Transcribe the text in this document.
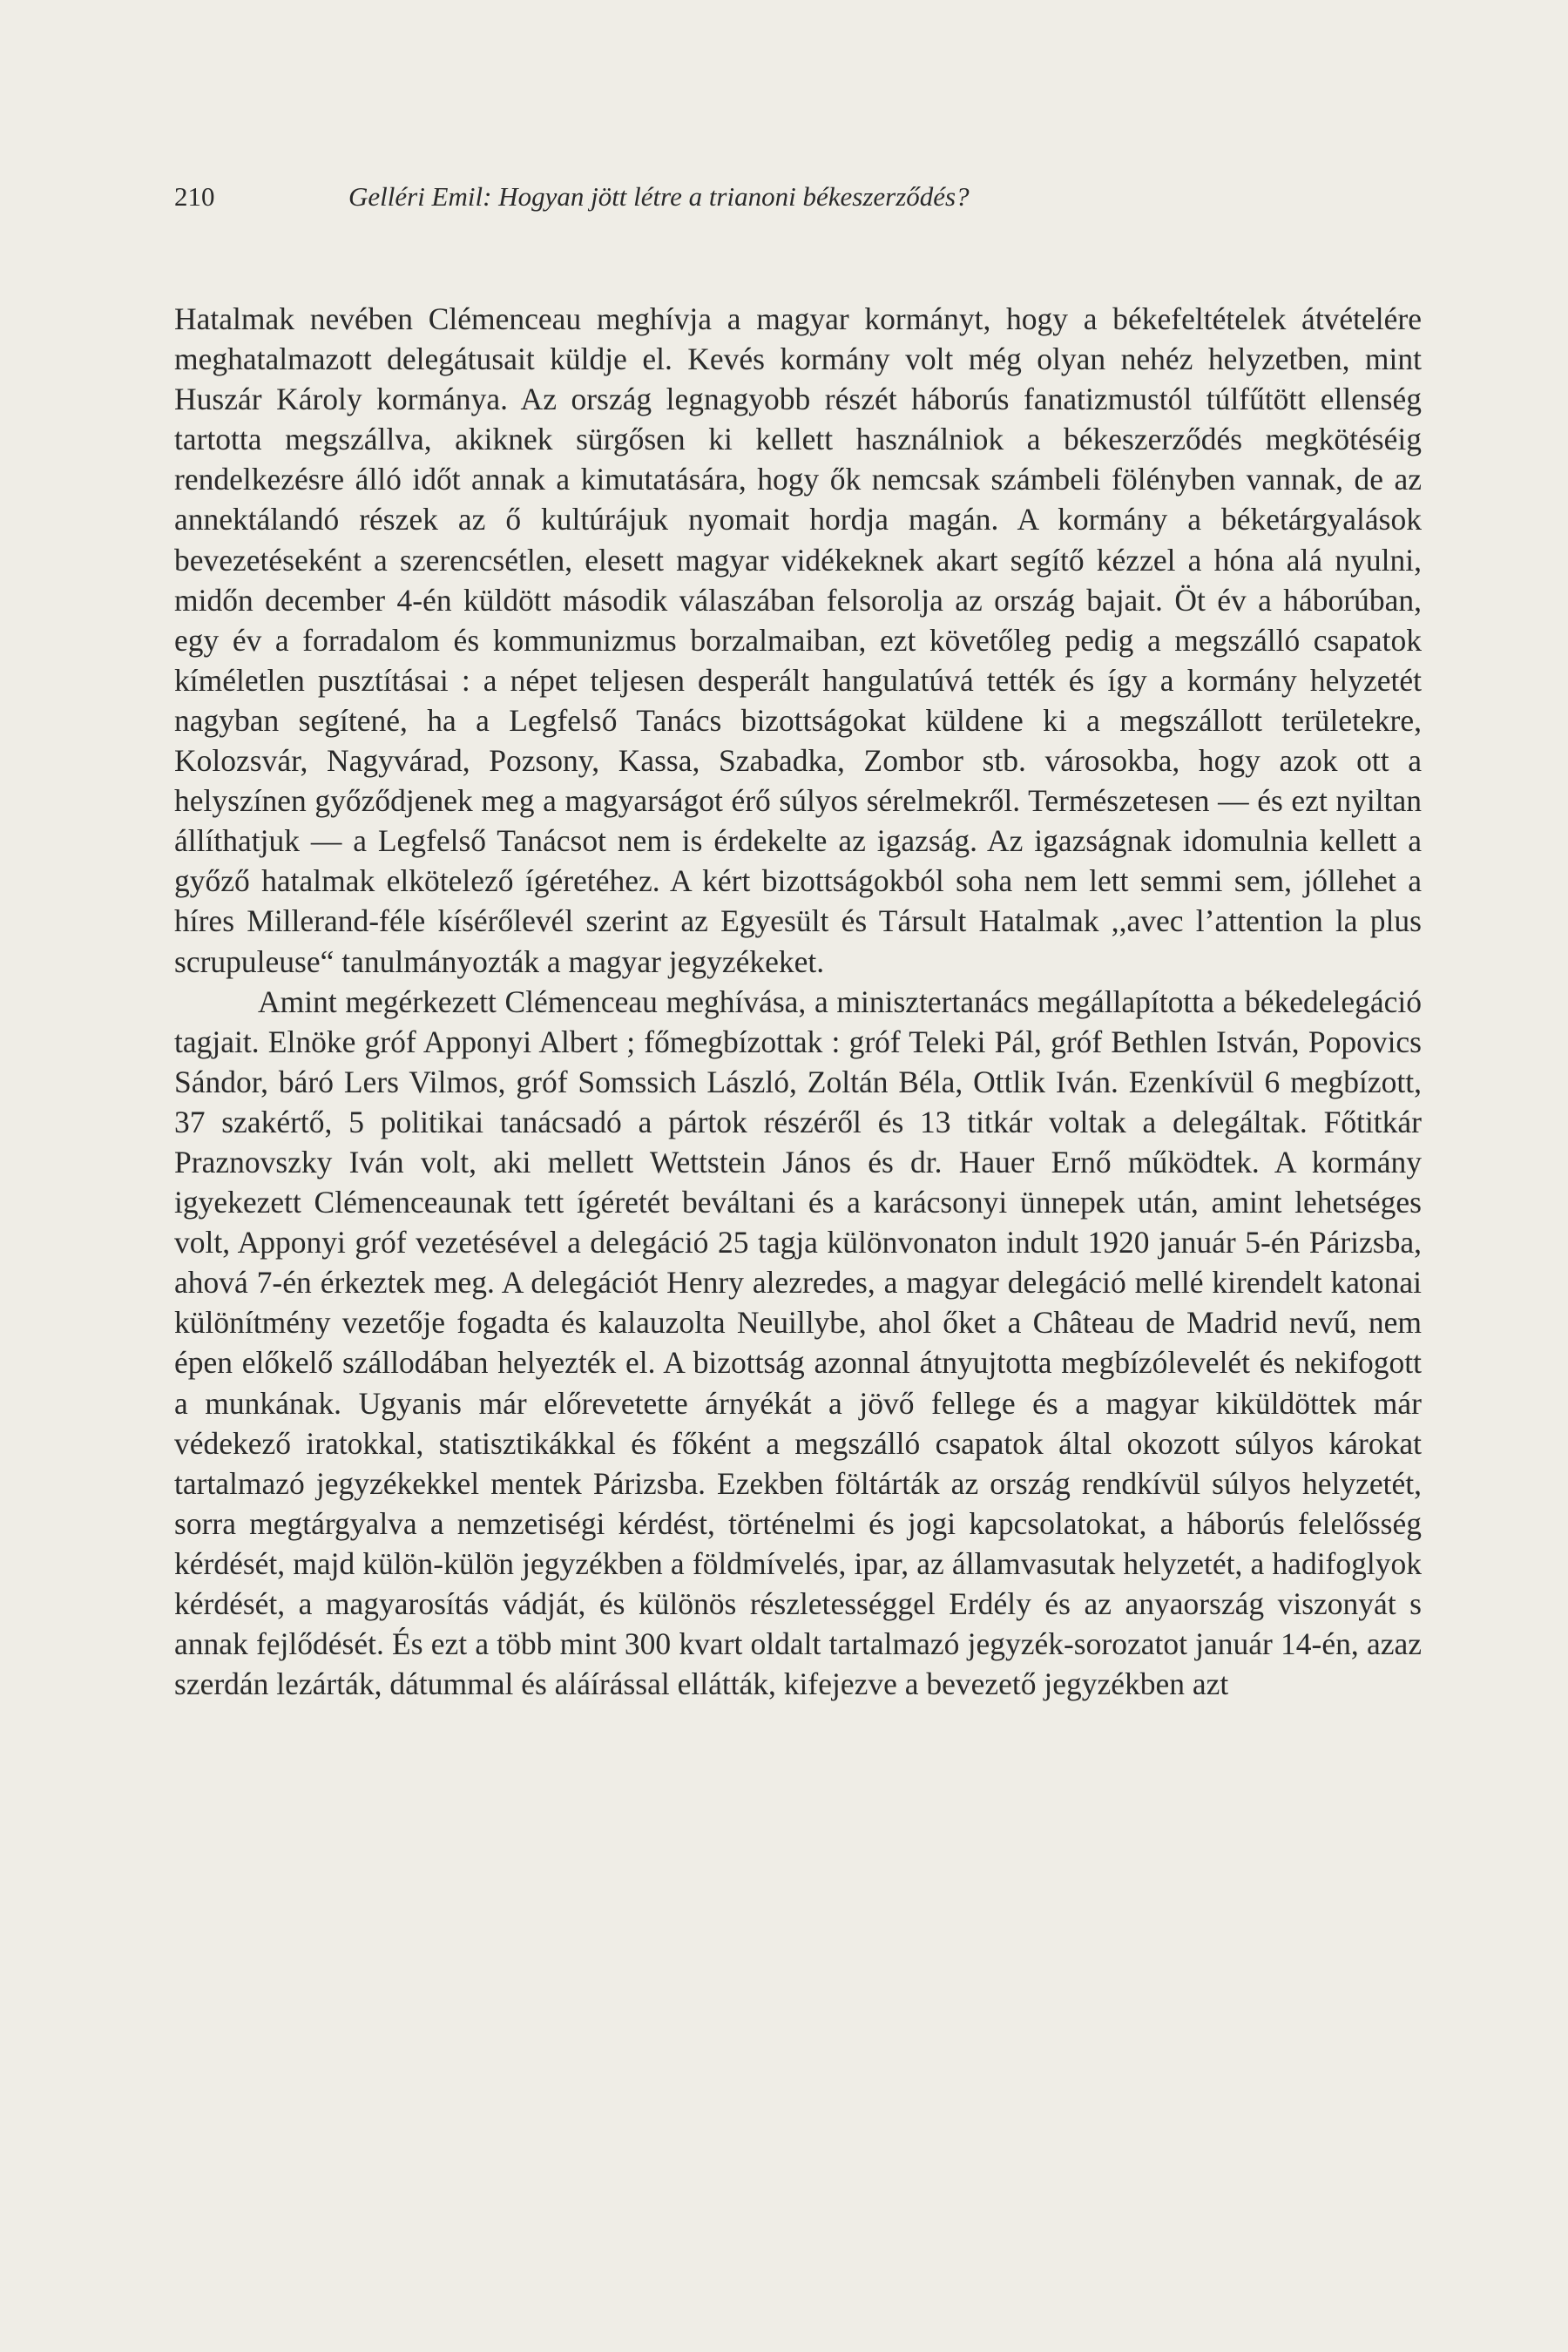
210	Gelléri Emil: Hogyan jött létre a trianoni békeszerződés?

Hatalmak nevében Clémenceau meghívja a magyar kormányt, hogy a békefeltételek átvételére meghatalmazott delegátusait küldje el. Kevés kormány volt még olyan nehéz helyzetben, mint Huszár Károly kormánya. Az ország legnagyobb részét háborús fanatizmustól túlfűtött ellenség tartotta megszállva, akiknek sürgősen ki kellett használniok a békeszerződés megkötéséig rendelkezésre álló időt annak a kimutatására, hogy ők nemcsak számbeli fölényben vannak, de az annektálandó részek az ő kultúrájuk nyomait hordja magán. A kormány a béketárgyalások bevezetéseként a szerencsétlen, elesett magyar vidékeknek akart segítő kézzel a hóna alá nyulni, midőn december 4-én küldött második válaszában felsorolja az ország bajait. Öt év a háborúban, egy év a forradalom és kommunizmus borzalmaiban, ezt követőleg pedig a megszálló csapatok kíméletlen pusztításai : a népet teljesen desperált hangulatúvá tették és így a kormány helyzetét nagyban segítené, ha a Legfelső Tanács bizottságokat küldene ki a megszállott területekre, Kolozsvár, Nagyvárad, Pozsony, Kassa, Szabadka, Zombor stb. városokba, hogy azok ott a helyszínen győződjenek meg a magyarságot érő súlyos sérelmekről. Természetesen — és ezt nyiltan állíthatjuk — a Legfelső Tanácsot nem is érdekelte az igazság. Az igazságnak idomulnia kellett a győző hatalmak elkötelező ígéretéhez. A kért bizottságokból soha nem lett semmi sem, jóllehet a híres Millerand-féle kísérőlevél szerint az Egyesült és Társult Hatalmak ,,avec l’attention la plus scrupuleuse“ tanulmányozták a magyar jegyzékeket.

Amint megérkezett Clémenceau meghívása, a minisztertanács megállapította a békedelegáció tagjait. Elnöke gróf Apponyi Albert ; főmegbízottak : gróf Teleki Pál, gróf Bethlen István, Popovics Sándor, báró Lers Vilmos, gróf Somssich László, Zoltán Béla, Ottlik Iván. Ezenkívül 6 megbízott, 37 szakértő, 5 politikai tanácsadó a pártok részéről és 13 titkár voltak a delegáltak. Főtitkár Praznovszky Iván volt, aki mellett Wettstein János és dr. Hauer Ernő működtek. A kormány igyekezett Clémenceaunak tett ígéretét beváltani és a karácsonyi ünnepek után, amint lehetséges volt, Apponyi gróf vezetésével a delegáció 25 tagja különvonaton indult 1920 január 5-én Párizsba, ahová 7-én érkeztek meg. A delegációt Henry alezredes, a magyar delegáció mellé kirendelt katonai különítmény vezetője fogadta és kalauzolta Neuillybe, ahol őket a Château de Madrid nevű, nem épen előkelő szállodában helyezték el. A bizottság azonnal átnyujtotta megbízólevelét és nekifogott a munkának. Ugyanis már előrevetette árnyékát a jövő fellege és a magyar kiküldöttek már védekező iratokkal, statisztikákkal és főként a megszálló csapatok által okozott súlyos károkat tartalmazó jegyzékekkel mentek Párizsba. Ezekben föltárták az ország rendkívül súlyos helyzetét, sorra megtárgyalva a nemzetiségi kérdést, történelmi és jogi kapcsolatokat, a háborús felelősség kérdését, majd külön-külön jegyzékben a földmívelés, ipar, az államvasutak helyzetét, a hadifoglyok kérdését, a magyarosítás vádját, és különös részletességgel Erdély és az anyaország viszonyát s annak fejlődését. És ezt a több mint 300 kvart oldalt tartalmazó jegyzék-sorozatot január 14-én, azaz szerdán lezárták, dátummal és aláírással ellátták, kifejezve a bevezető jegyzékben azt
